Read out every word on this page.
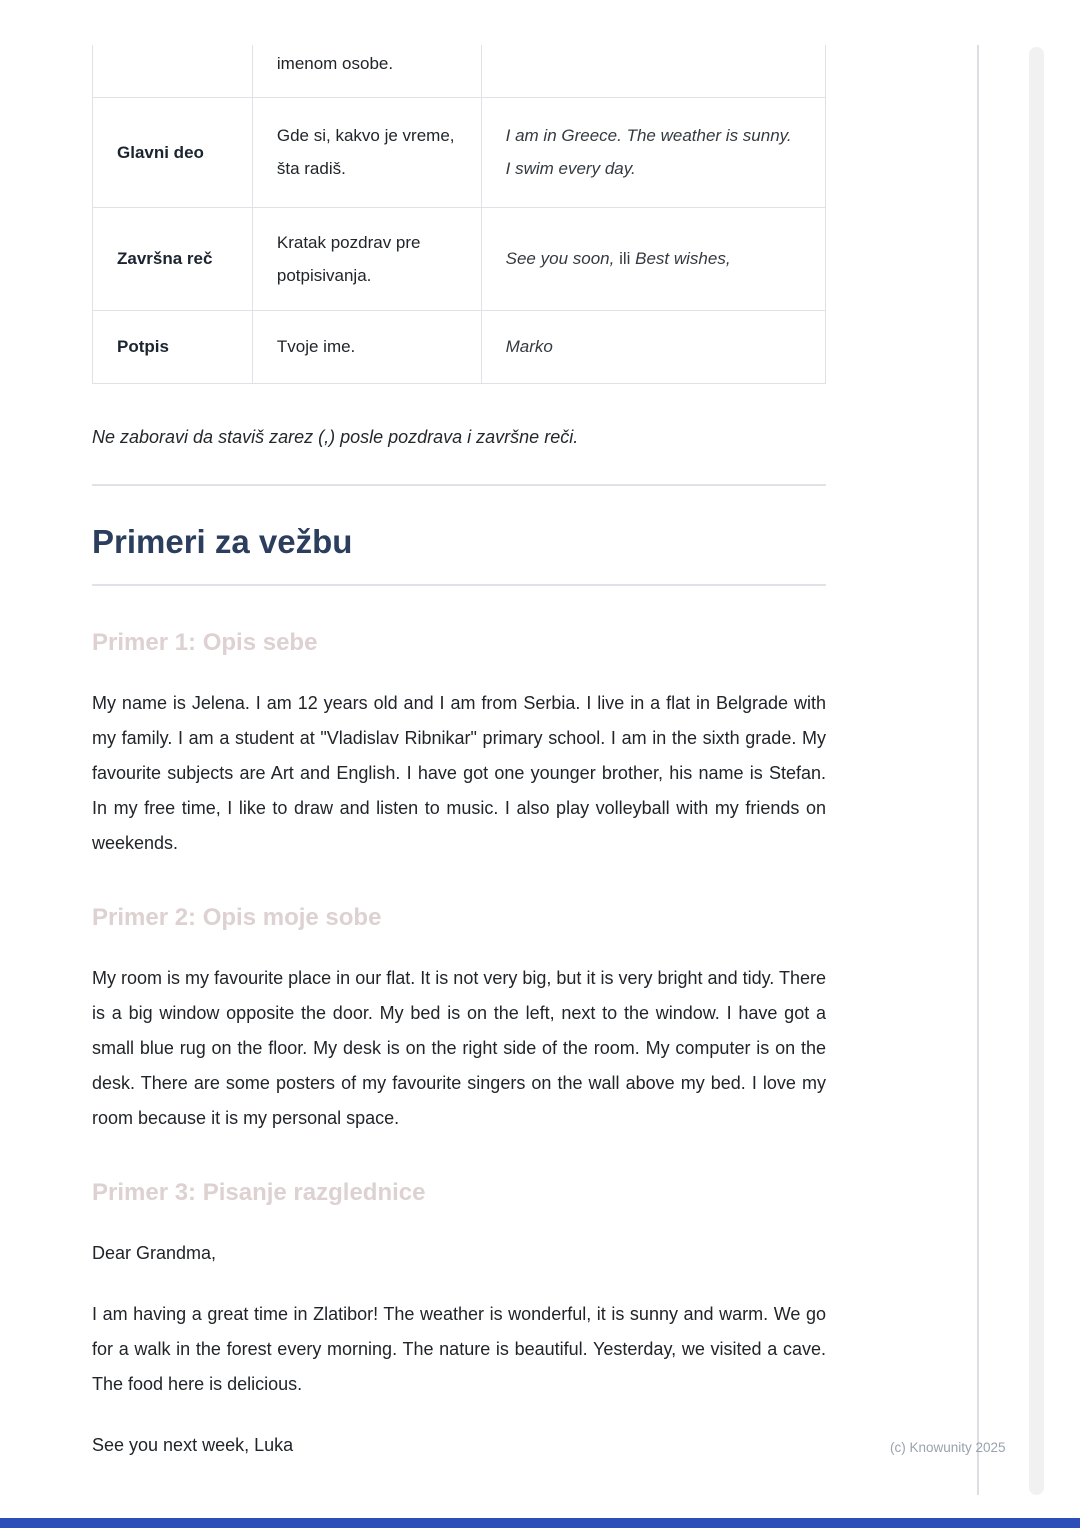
	imenom osobe.	
Glavni deo	Gde si, kakvo je vreme, šta radiš.	I am in Greece. The weather is sunny. I swim every day.
Završna reč	Kratak pozdrav pre potpisivanja.	See you soon, ili Best wishes,
Potpis	Tvoje ime.	Marko

Ne zaboravi da staviš zarez (,) posle pozdrava i završne reči.

Primeri za vežbu
Primer 1: Opis sebe

My name is Jelena. I am 12 years old and I am from Serbia. I live in a flat in Belgrade with my family. I am a student at "Vladislav Ribnikar" primary school. I am in the sixth grade. My favourite subjects are Art and English. I have got one younger brother, his name is Stefan. In my free time, I like to draw and listen to music. I also play volleyball with my friends on weekends.

Primer 2: Opis moje sobe

My room is my favourite place in our flat. It is not very big, but it is very bright and tidy. There is a big window opposite the door. My bed is on the left, next to the window. I have got a small blue rug on the floor. My desk is on the right side of the room. My computer is on the desk. There are some posters of my favourite singers on the wall above my bed. I love my room because it is my personal space.

Primer 3: Pisanje razglednice

Dear Grandma,

I am having a great time in Zlatibor! The weather is wonderful, it is sunny and warm. We go for a walk in the forest every morning. The nature is beautiful. Yesterday, we visited a cave. The food here is delicious.

See you next week, Luka	(c) Knowunity 2025
